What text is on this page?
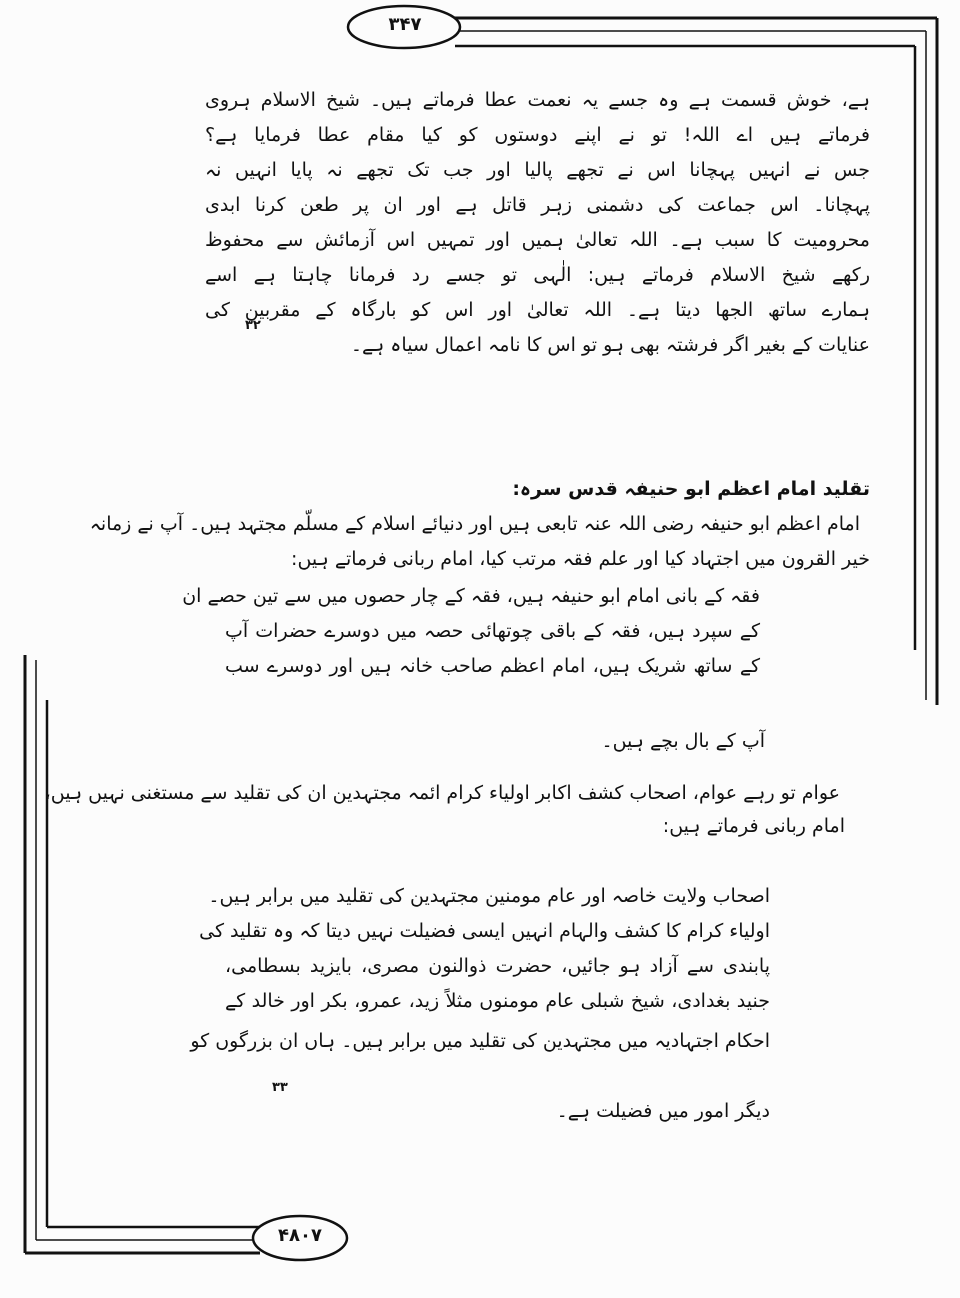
۳۴۷
۴۸۰۷
ہے، خوش قسمت ہے وہ جسے یہ نعمت عطا فرماتے ہیں۔ شیخ الاسلام ہروی
فرماتے ہیں اے اللہ! تو نے اپنے دوستوں کو کیا مقام عطا فرمایا ہے؟
جس نے انہیں پہچانا اس نے تجھے پالیا اور جب تک تجھے نہ پایا انہیں نہ
پہچانا۔ اس جماعت کی دشمنی زہر قاتل ہے اور ان پر طعن کرنا ابدی
محرومیت کا سبب ہے۔ اللہ تعالیٰ ہمیں اور تمہیں اس آزمائش سے محفوظ
رکھے شیخ الاسلام فرماتے ہیں: الٰہی تو جسے رد فرمانا چاہتا ہے اسے
ہمارے ساتھ الجھا دیتا ہے۔ اللہ تعالیٰ اور اس کو بارگاہ کے مقربین کی
عنایات کے بغیر اگر فرشتہ بھی ہو تو اس کا نامہ اعمال سیاہ ہے۔
۳۲
تقلید امام اعظم ابو حنیفہ قدس سرہ:
امام اعظم ابو حنیفہ رضی اللہ عنہ تابعی ہیں اور دنیائے اسلام کے مسلّم مجتہد ہیں۔ آپ نے زمانہ
خیر القرون میں اجتہاد کیا اور علم فقہ مرتب کیا، امام ربانی فرماتے ہیں:
فقہ کے بانی امام ابو حنیفہ ہیں، فقہ کے چار حصوں میں سے تین حصے ان
کے سپرد ہیں، فقہ کے باقی چوتھائی حصہ میں دوسرے حضرات آپ
کے ساتھ شریک ہیں، امام اعظم صاحب خانہ ہیں اور دوسرے سب
آپ کے بال بچے ہیں۔
عوام تو رہے عوام، اصحاب کشف اکابر اولیاء کرام ائمہ مجتہدین ان کی تقلید سے مستغنی نہیں ہیں،
امام ربانی فرماتے ہیں:
اصحاب ولایت خاصہ اور عام مومنین مجتہدین کی تقلید میں برابر ہیں۔
اولیاء کرام کا کشف والہام انہیں ایسی فضیلت نہیں دیتا کہ وہ تقلید کی
پابندی سے آزاد ہو جائیں، حضرت ذوالنون مصری، بایزید بسطامی،
جنید بغدادی، شیخ شبلی عام مومنوں مثلاً زید، عمرو، بکر اور خالد کے
احکام اجتہادیہ میں مجتہدین کی تقلید میں برابر ہیں۔ ہاں ان بزرگوں کو
دیگر امور میں فضیلت ہے۔
۳۳
